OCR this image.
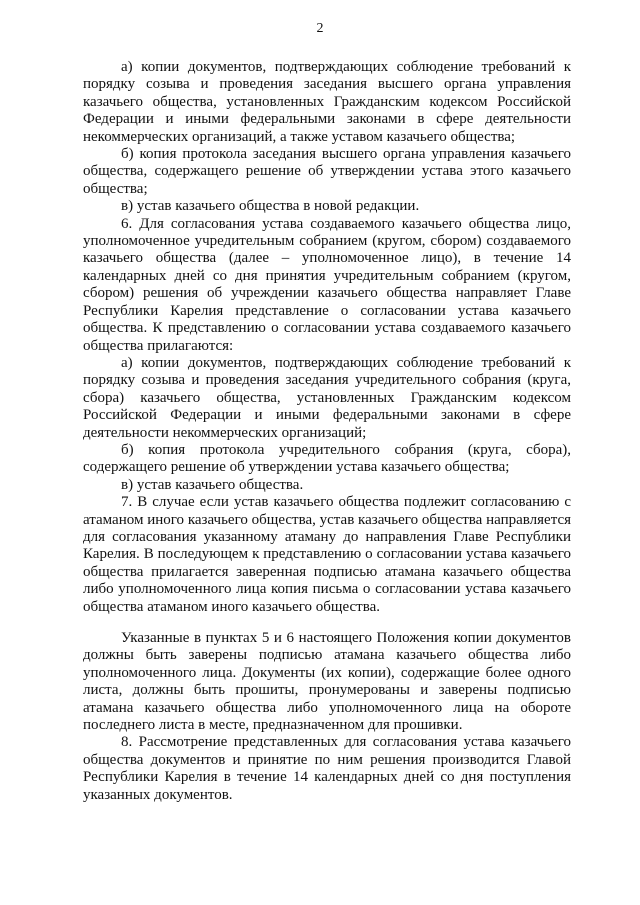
2

а) копии документов, подтверждающих соблюдение требований к порядку созыва и проведения заседания высшего органа управления казачьего общества, установленных Гражданским кодексом Российской Федерации и иными федеральными законами в сфере деятельности некоммерческих организаций, а также уставом казачьего общества;

б) копия протокола заседания высшего органа управления казачьего общества, содержащего решение об утверждении устава этого казачьего общества;

в) устав казачьего общества в новой редакции.

6. Для согласования устава создаваемого казачьего общества лицо, уполномоченное учредительным собранием (кругом, сбором) создаваемого казачьего общества (далее – уполномоченное лицо), в течение 14 календарных дней со дня принятия учредительным собранием (кругом, сбором) решения об учреждении казачьего общества направляет Главе Республики Карелия представление о согласовании устава казачьего общества. К представлению о согласовании устава создаваемого казачьего общества прилагаются:

а) копии документов, подтверждающих соблюдение требований к порядку созыва и проведения заседания учредительного собрания (круга, сбора) казачьего общества, установленных Гражданским кодексом Российской Федерации и иными федеральными законами в сфере деятельности некоммерческих организаций;

б) копия протокола учредительного собрания (круга, сбора), содержащего решение об утверждении устава казачьего общества;

в) устав казачьего общества.

7. В случае если устав казачьего общества подлежит согласованию с атаманом иного казачьего общества, устав казачьего общества направляется для согласования указанному атаману до направления Главе Республики Карелия. В последующем к представлению о согласовании устава казачьего общества прилагается заверенная подписью атамана казачьего общества либо уполномоченного лица копия письма о согласовании устава казачьего общества атаманом иного казачьего общества.

Указанные в пунктах 5 и 6 настоящего Положения копии документов должны быть заверены подписью атамана казачьего общества либо уполномоченного лица. Документы (их копии), содержащие более одного листа, должны быть прошиты, пронумерованы и заверены подписью атамана казачьего общества либо уполномоченного лица на обороте последнего листа в месте, предназначенном для прошивки.

8. Рассмотрение представленных для согласования устава казачьего общества документов и принятие по ним решения производится Главой Республики Карелия в течение 14 календарных дней со дня поступления указанных документов.
